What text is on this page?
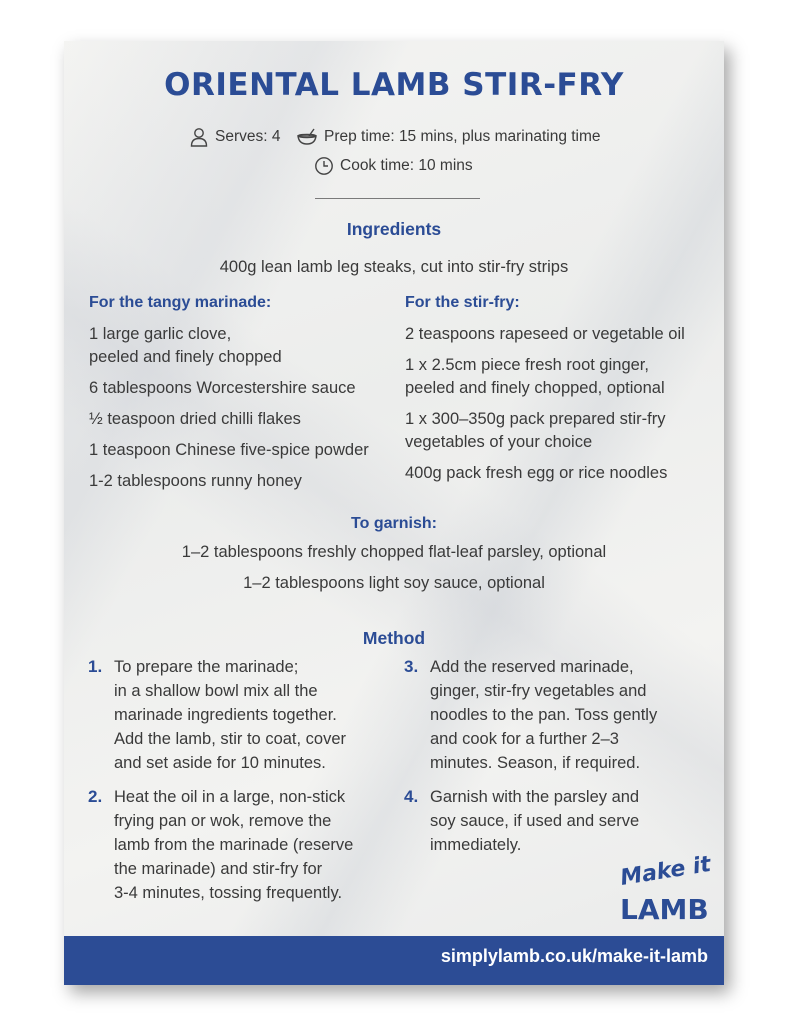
ORIENTAL LAMB STIR-FRY
Serves: 4	Prep time: 15 mins, plus marinating time
Cook time: 10 mins
Ingredients
400g lean lamb leg steaks, cut into stir-fry strips
For the tangy marinade:
1 large garlic clove,
peeled and finely chopped
6 tablespoons Worcestershire sauce
½ teaspoon dried chilli flakes
1 teaspoon Chinese five-spice powder
1-2 tablespoons runny honey
For the stir-fry:
2 teaspoons rapeseed or vegetable oil
1 x 2.5cm piece fresh root ginger,
peeled and finely chopped, optional
1 x 300–350g pack prepared stir-fry
vegetables of your choice
400g pack fresh egg or rice noodles
To garnish:
1–2 tablespoons freshly chopped flat-leaf parsley, optional
1–2 tablespoons light soy sauce, optional
Method
1. To prepare the marinade;
in a shallow bowl mix all the
marinade ingredients together.
Add the lamb, stir to coat, cover
and set aside for 10 minutes.
2. Heat the oil in a large, non-stick
frying pan or wok, remove the
lamb from the marinade (reserve
the marinade) and stir-fry for
3-4 minutes, tossing frequently.
3. Add the reserved marinade,
ginger, stir-fry vegetables and
noodles to the pan. Toss gently
and cook for a further 2–3
minutes. Season, if required.
4. Garnish with the parsley and
soy sauce, if used and serve
immediately.
Make it
LAMB
simplylamb.co.uk/make-it-lamb
